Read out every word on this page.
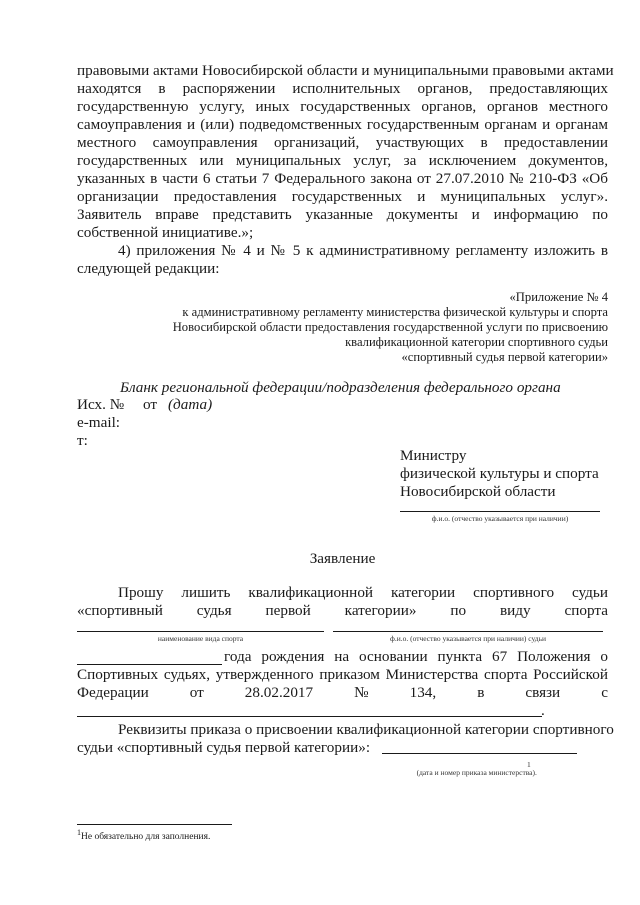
правовыми актами Новосибирской области и муниципальными правовыми актами
находятся в распоряжении исполнительных органов, предоставляющих
государственную услугу, иных государственных органов, органов местного
самоуправления и (или) подведомственных государственным органам и органам
местного самоуправления организаций, участвующих в предоставлении
государственных или муниципальных услуг, за исключением документов,
указанных в части 6 статьи 7 Федерального закона от 27.07.2010 № 210-ФЗ «Об
организации предоставления государственных и муниципальных услуг».
Заявитель вправе представить указанные документы и информацию по
собственной инициативе.»;
4) приложения № 4 и № 5 к административному регламенту изложить в
следующей редакции:
«Приложение № 4
к административному регламенту министерства физической культуры и спорта
Новосибирской области предоставления государственной услуги по присвоению
квалификационной категории спортивного судьи
«спортивный судья первой категории»
Бланк региональной федерации/подразделения федерального органа
Исх. №	от (дата)
e-mail:
т:
Министру
физической культуры и спорта
Новосибирской области
ф.и.о. (отчество указывается при наличии)
Заявление
Прошу лишить квалификационной категории спортивного судьи
«спортивный судья первой категории» по виду спорта
наименование вида спорта	ф.и.о. (отчество указывается при наличии) судьи
года рождения на основании пункта 67 Положения о
Спортивных судьях, утвержденного приказом Министерства спорта Российской
Федерации	от	28.02.2017	№	134,	в	связи	с
.
Реквизиты приказа о присвоении квалификационной категории спортивного
судьи «спортивный судья первой категории»:
(дата и номер приказа министерства)
1
.
$^1$Не обязательно для заполнения.
